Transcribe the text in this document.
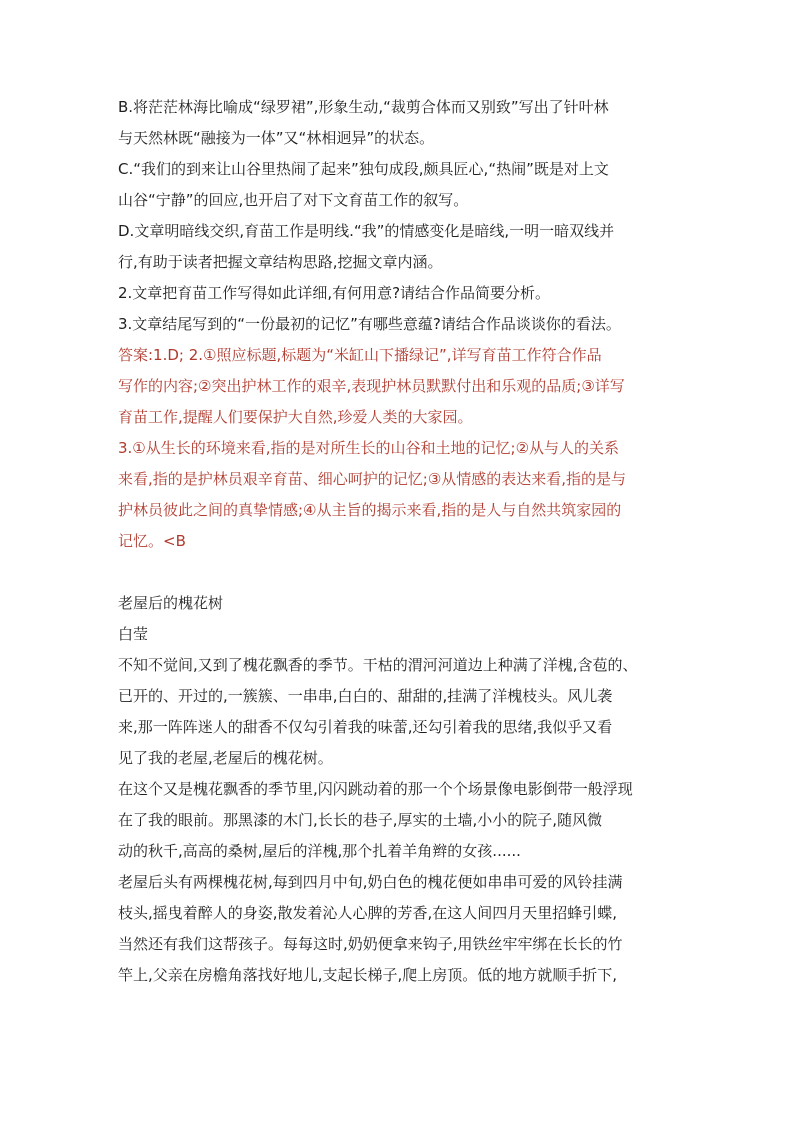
B.将茫茫林海比喻成“绿罗裙”,形象生动,“裁剪合体而又别致”写出了针叶林
与天然林既“融接为一体”又“林相迥异”的状态。
C.“我们的到来让山谷里热闹了起来”独句成段,颇具匠心,“热闹”既是对上文
山谷“宁静”的回应,也开启了对下文育苗工作的叙写。
D.文章明暗线交织,育苗工作是明线.“我”的情感变化是暗线,一明一暗双线并
行,有助于读者把握文章结构思路,挖掘文章内涵。
2.文章把育苗工作写得如此详细,有何用意?请结合作品简要分析。
3.文章结尾写到的“一份最初的记忆”有哪些意蕴?请结合作品谈谈你的看法。
答案:1.D; 2.①照应标题,标题为“米缸山下播绿记”,详写育苗工作符合作品
写作的内容;②突出护林工作的艰辛,表现护林员默默付出和乐观的品质;③详写
育苗工作,提醒人们要保护大自然,珍爱人类的大家园。
3.①从生长的环境来看,指的是对所生长的山谷和土地的记忆;②从与人的关系
来看,指的是护林员艰辛育苗、细心呵护的记忆;③从情感的表达来看,指的是与
护林员彼此之间的真挚情感;④从主旨的揭示来看,指的是人与自然共筑家园的
记忆。<B
老屋后的槐花树
白莹
不知不觉间,又到了槐花飘香的季节。干枯的渭河河道边上种满了洋槐,含苞的、
已开的、开过的,一簇簇、一串串,白白的、甜甜的,挂满了洋槐枝头。风儿袭
来,那一阵阵迷人的甜香不仅勾引着我的味蕾,还勾引着我的思绪,我似乎又看
见了我的老屋,老屋后的槐花树。
在这个又是槐花飘香的季节里,闪闪跳动着的那一个个场景像电影倒带一般浮现
在了我的眼前。那黑漆的木门,长长的巷子,厚实的土墙,小小的院子,随风微
动的秋千,高高的桑树,屋后的洋槐,那个扎着羊角辫的女孩......
老屋后头有两棵槐花树,每到四月中旬,奶白色的槐花便如串串可爱的风铃挂满
枝头,摇曳着醉人的身姿,散发着沁人心脾的芳香,在这人间四月天里招蜂引蝶,
当然还有我们这帮孩子。每每这时,奶奶便拿来钩子,用铁丝牢牢绑在长长的竹
竿上,父亲在房檐角落找好地儿,支起长梯子,爬上房顶。低的地方就顺手折下,
